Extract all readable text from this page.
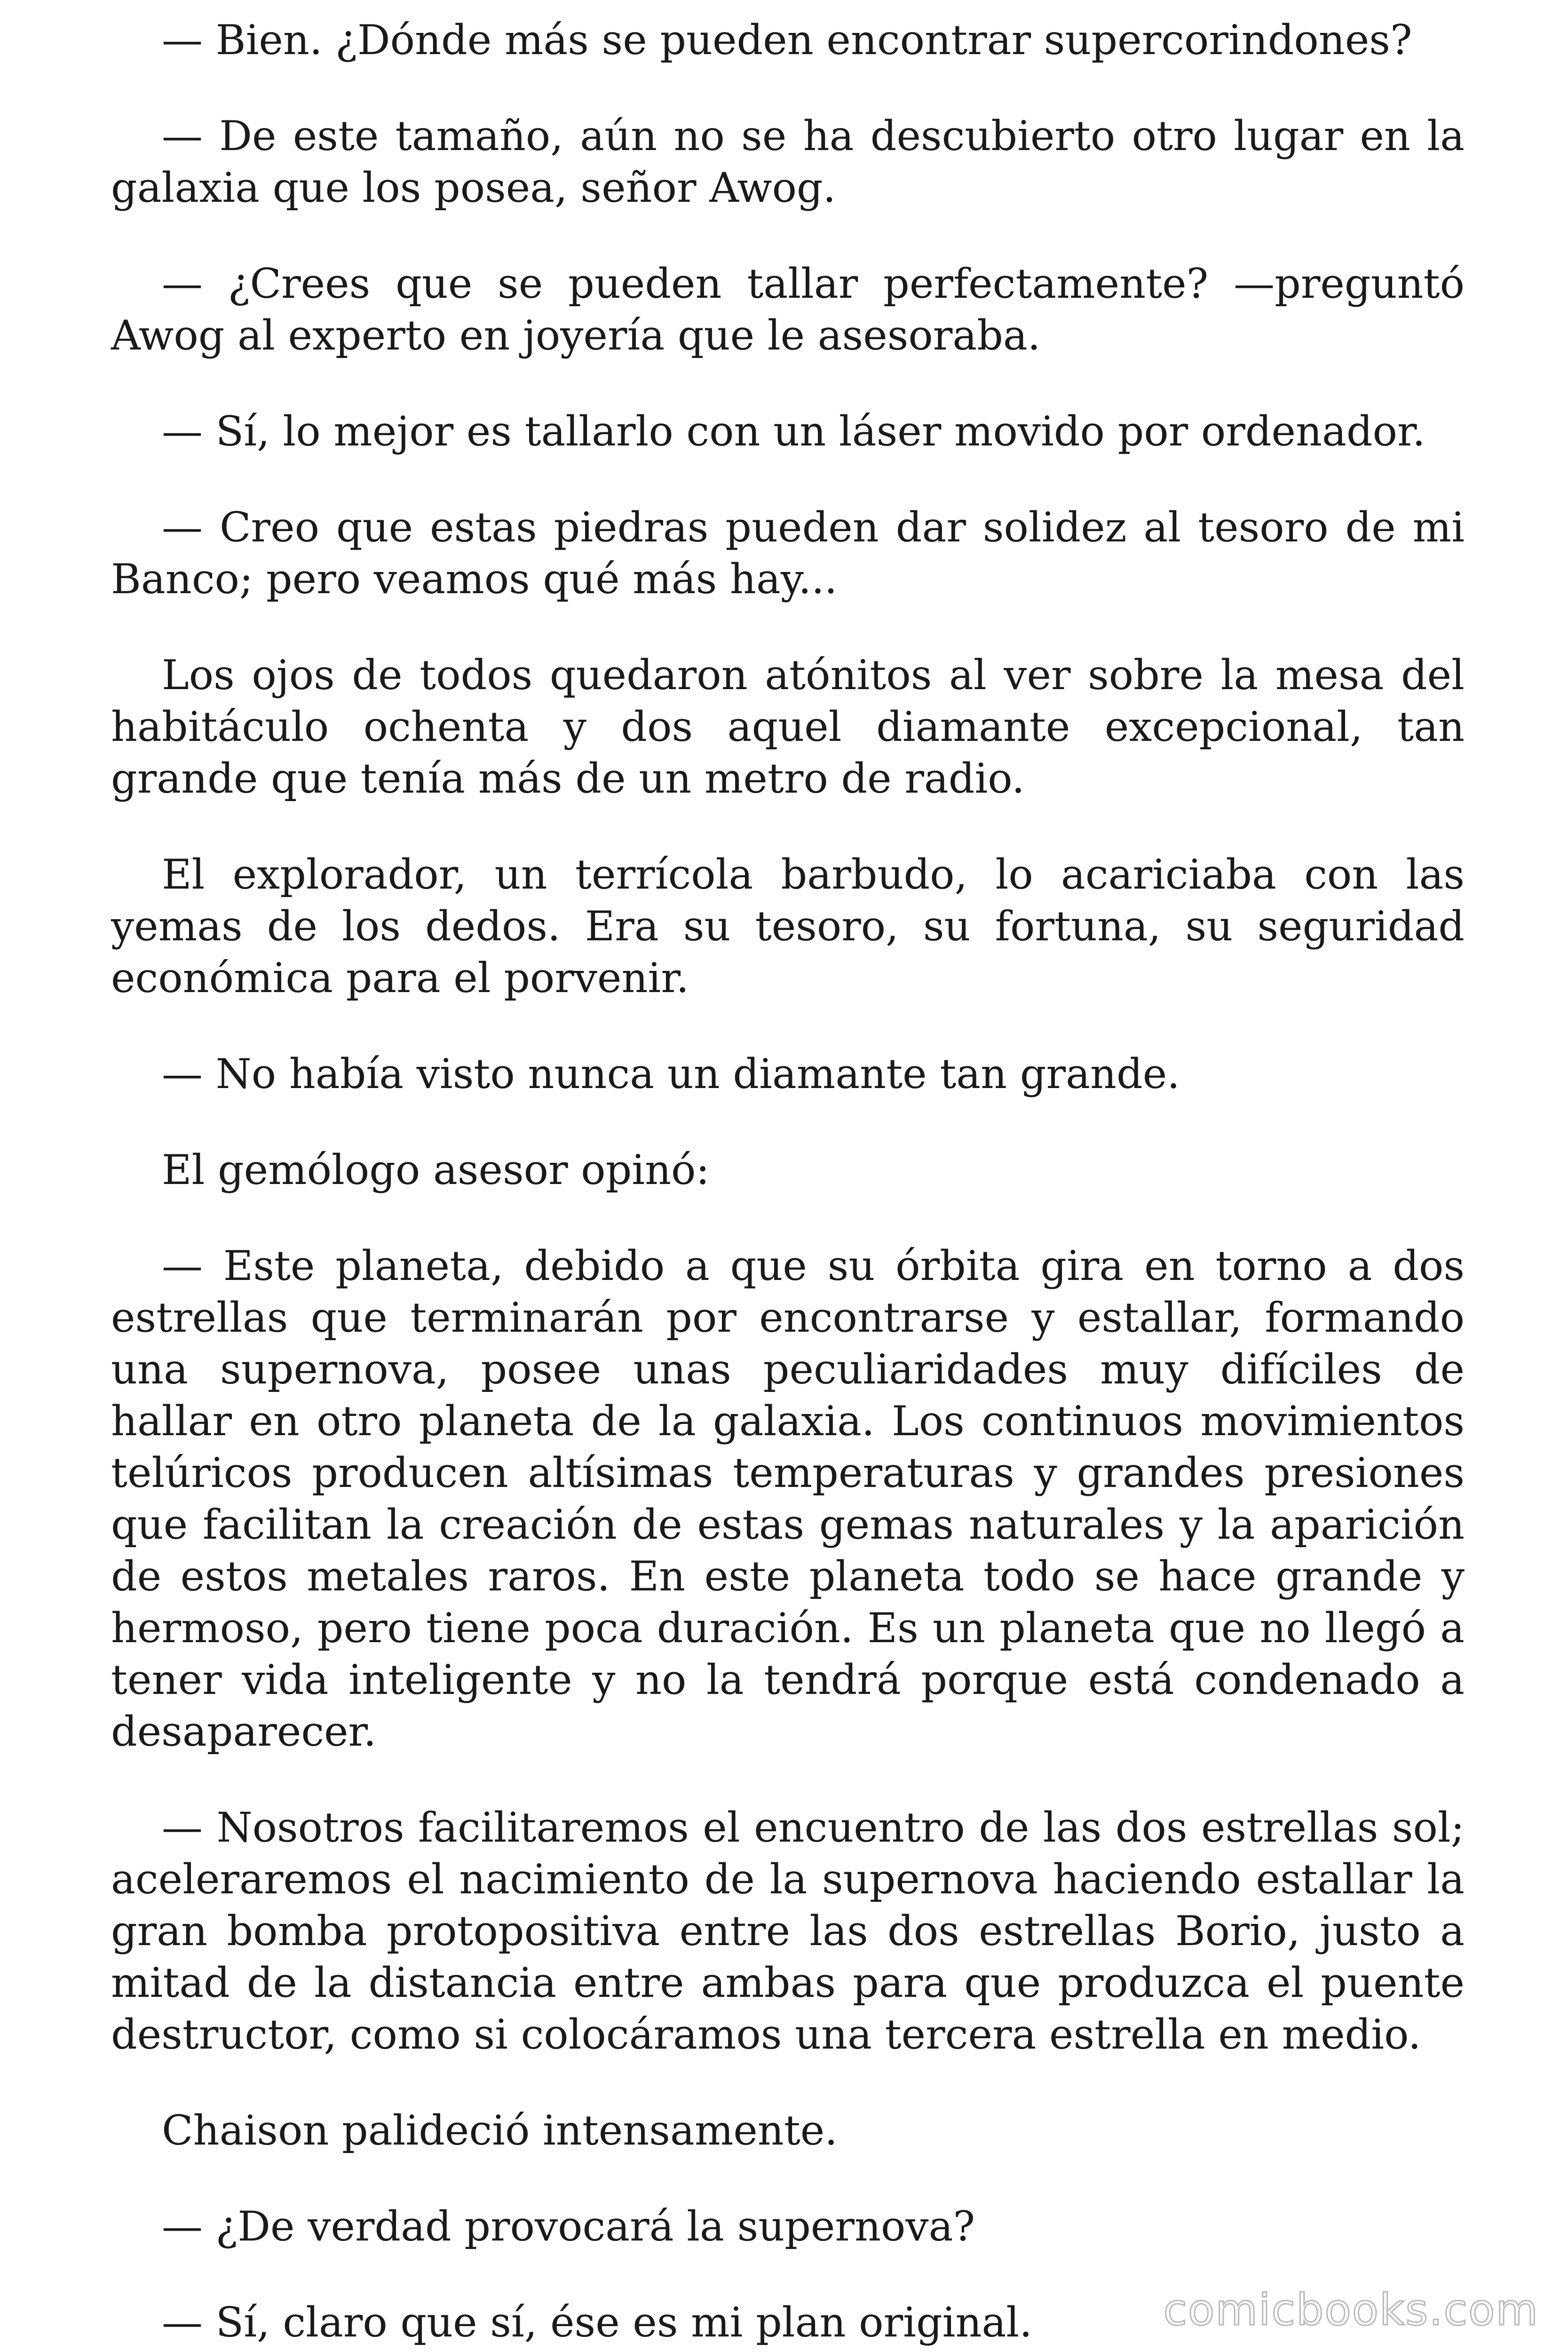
— Bien. ¿Dónde más se pueden encontrar supercorindones?

— De este tamaño, aún no se ha descubierto otro lugar en la galaxia que los posea, señor Awog.

— ¿Crees que se pueden tallar perfectamente? —preguntó Awog al experto en joyería que le asesoraba.

— Sí, lo mejor es tallarlo con un láser movido por ordenador.

— Creo que estas piedras pueden dar solidez al tesoro de mi Banco; pero veamos qué más hay...

Los ojos de todos quedaron atónitos al ver sobre la mesa del habitáculo ochenta y dos aquel diamante excepcional, tan grande que tenía más de un metro de radio.

El explorador, un terrícola barbudo, lo acariciaba con las yemas de los dedos. Era su tesoro, su fortuna, su seguridad económica para el porvenir.

— No había visto nunca un diamante tan grande.

El gemólogo asesor opinó:

— Este planeta, debido a que su órbita gira en torno a dos estrellas que terminarán por encontrarse y estallar, formando una supernova, posee unas peculiaridades muy difíciles de hallar en otro planeta de la galaxia. Los continuos movimientos telúricos producen altísimas temperaturas y grandes presiones que facilitan la creación de estas gemas naturales y la aparición de estos metales raros. En este planeta todo se hace grande y hermoso, pero tiene poca duración. Es un planeta que no llegó a tener vida inteligente y no la tendrá porque está condenado a desaparecer.

— Nosotros facilitaremos el encuentro de las dos estrellas sol; aceleraremos el nacimiento de la supernova haciendo estallar la gran bomba protopositiva entre las dos estrellas Borio, justo a mitad de la distancia entre ambas para que produzca el puente destructor, como si colocáramos una tercera estrella en medio.

Chaison palideció intensamente.

— ¿De verdad provocará la supernova?

— Sí, claro que sí, ése es mi plan original.	comicbooks.com
